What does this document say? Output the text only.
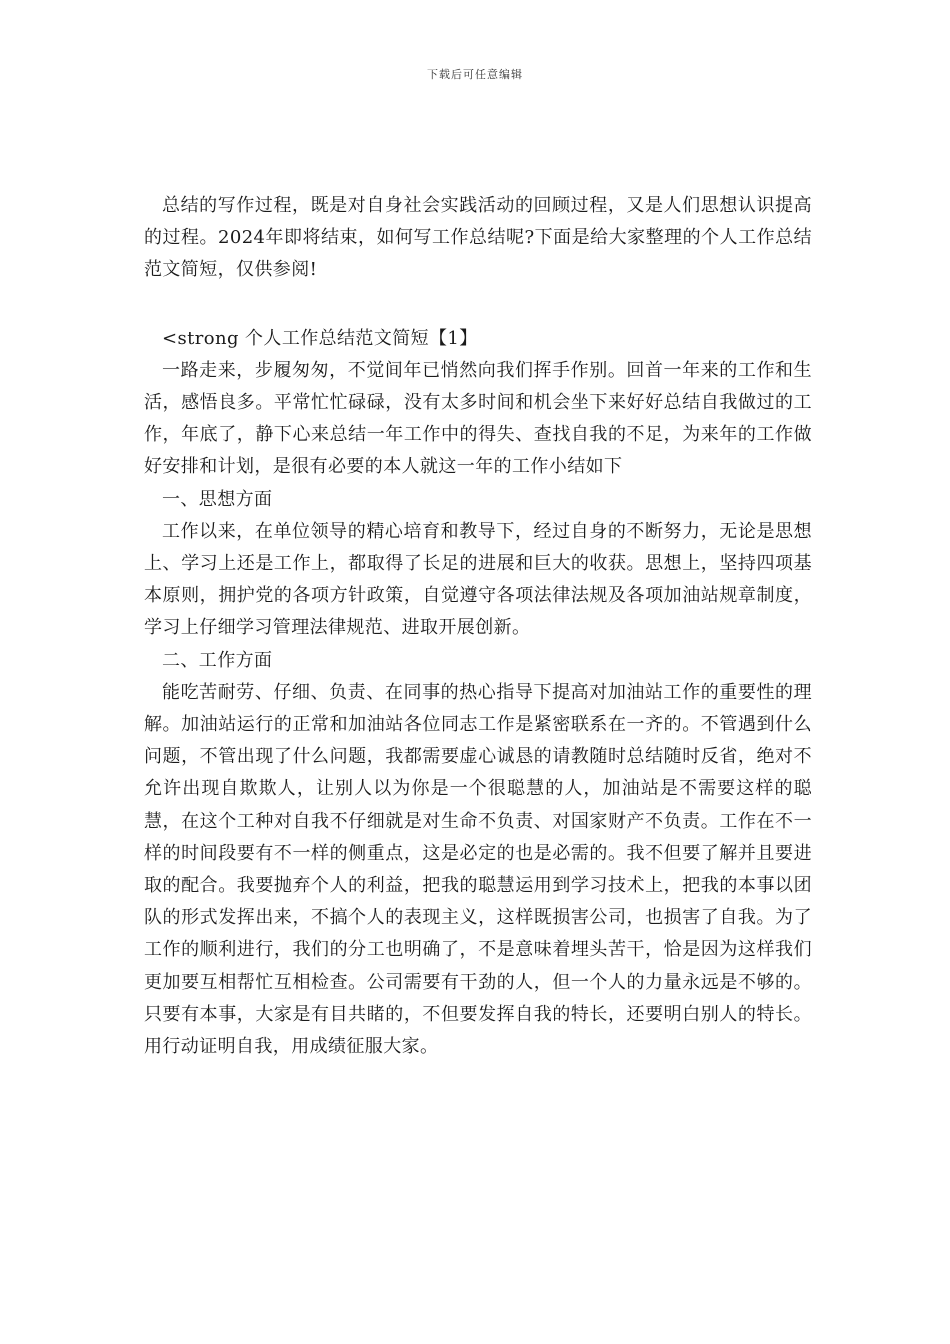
下载后可任意编辑

总结的写作过程，既是对自身社会实践活动的回顾过程，又是人们思想认识提高的过程。2024年即将结束，如何写工作总结呢?下面是给大家整理的个人工作总结范文简短，仅供参阅!

<strong 个人工作总结范文简短【1】

一路走来，步履匆匆，不觉间年已悄然向我们挥手作别。回首一年来的工作和生活，感悟良多。平常忙忙碌碌，没有太多时间和机会坐下来好好总结自我做过的工作，年底了，静下心来总结一年工作中的得失、查找自我的不足，为来年的工作做好安排和计划，是很有必要的本人就这一年的工作小结如下

一、思想方面

工作以来，在单位领导的精心培育和教导下，经过自身的不断努力，无论是思想上、学习上还是工作上，都取得了长足的进展和巨大的收获。思想上，坚持四项基本原则，拥护党的各项方针政策，自觉遵守各项法律法规及各项加油站规章制度，学习上仔细学习管理法律规范、进取开展创新。

二、工作方面

能吃苦耐劳、仔细、负责、在同事的热心指导下提高对加油站工作的重要性的理解。加油站运行的正常和加油站各位同志工作是紧密联系在一齐的。不管遇到什么问题，不管出现了什么问题，我都需要虚心诚恳的请教随时总结随时反省，绝对不允许出现自欺欺人，让别人以为你是一个很聪慧的人，加油站是不需要这样的聪慧，在这个工种对自我不仔细就是对生命不负责、对国家财产不负责。工作在不一样的时间段要有不一样的侧重点，这是必定的也是必需的。我不但要了解并且要进取的配合。我要抛弃个人的利益，把我的聪慧运用到学习技术上，把我的本事以团队的形式发挥出来，不搞个人的表现主义，这样既损害公司，也损害了自我。为了工作的顺利进行，我们的分工也明确了，不是意味着埋头苦干，恰是因为这样我们更加要互相帮忙互相检查。公司需要有干劲的人，但一个人的力量永远是不够的。只要有本事，大家是有目共睹的，不但要发挥自我的特长，还要明白别人的特长。用行动证明自我，用成绩征服大家。
